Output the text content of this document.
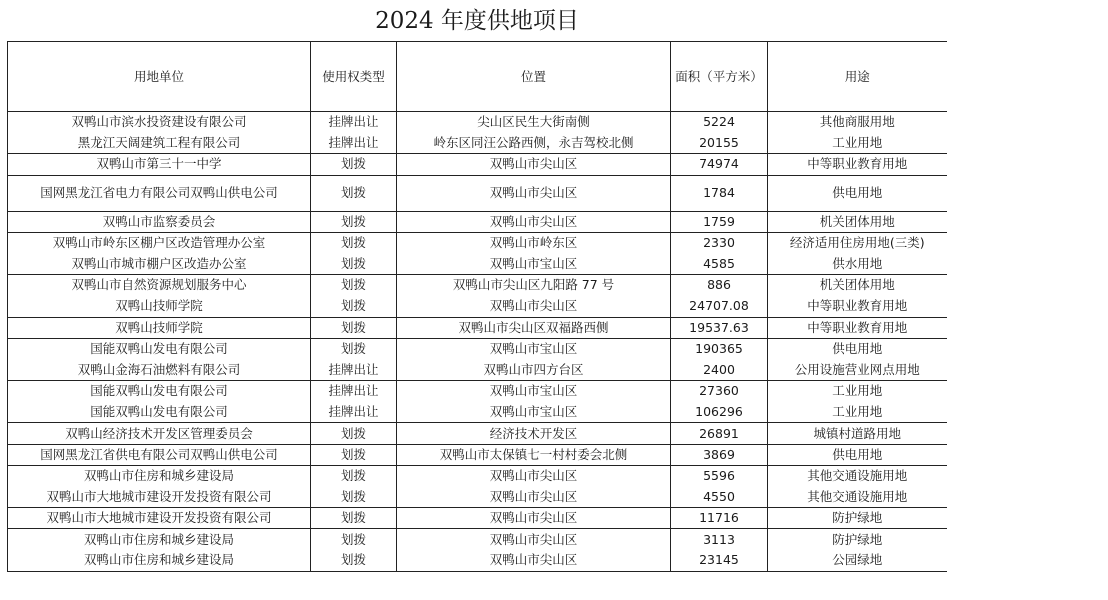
2024 年度供地项目
用地单位	使用权类型	位置	面积（平方米）	用途
双鸭山市滨水投资建设有限公司	挂牌出让	尖山区民生大街南侧	5224	其他商服用地
黑龙江天阔建筑工程有限公司	挂牌出让	岭东区同汪公路西侧，永吉驾校北侧	20155	工业用地
双鸭山市第三十一中学	划拨	双鸭山市尖山区	74974	中等职业教育用地
国网黑龙江省电力有限公司双鸭山供电公司	划拨	双鸭山市尖山区	1784	供电用地
双鸭山市监察委员会	划拨	双鸭山市尖山区	1759	机关团体用地
双鸭山市岭东区棚户区改造管理办公室	划拨	双鸭山市岭东区	2330	经济适用住房用地(三类)
双鸭山市城市棚户区改造办公室	划拨	双鸭山市宝山区	4585	供水用地
双鸭山市自然资源规划服务中心	划拨	双鸭山市尖山区九阳路 77 号	886	机关团体用地
双鸭山技师学院	划拨	双鸭山市尖山区	24707.08	中等职业教育用地
双鸭山技师学院	划拨	双鸭山市尖山区双福路西侧	19537.63	中等职业教育用地
国能双鸭山发电有限公司	划拨	双鸭山市宝山区	190365	供电用地
双鸭山金海石油燃料有限公司	挂牌出让	双鸭山市四方台区	2400	公用设施营业网点用地
国能双鸭山发电有限公司	挂牌出让	双鸭山市宝山区	27360	工业用地
国能双鸭山发电有限公司	挂牌出让	双鸭山市宝山区	106296	工业用地
双鸭山经济技术开发区管理委员会	划拨	经济技术开发区	26891	城镇村道路用地
国网黑龙江省供电有限公司双鸭山供电公司	划拨	双鸭山市太保镇七一村村委会北侧	3869	供电用地
双鸭山市住房和城乡建设局	划拨	双鸭山市尖山区	5596	其他交通设施用地
双鸭山市大地城市建设开发投资有限公司	划拨	双鸭山市尖山区	4550	其他交通设施用地
双鸭山市大地城市建设开发投资有限公司	划拨	双鸭山市尖山区	11716	防护绿地
双鸭山市住房和城乡建设局	划拨	双鸭山市尖山区	3113	防护绿地
双鸭山市住房和城乡建设局	划拨	双鸭山市尖山区	23145	公园绿地
